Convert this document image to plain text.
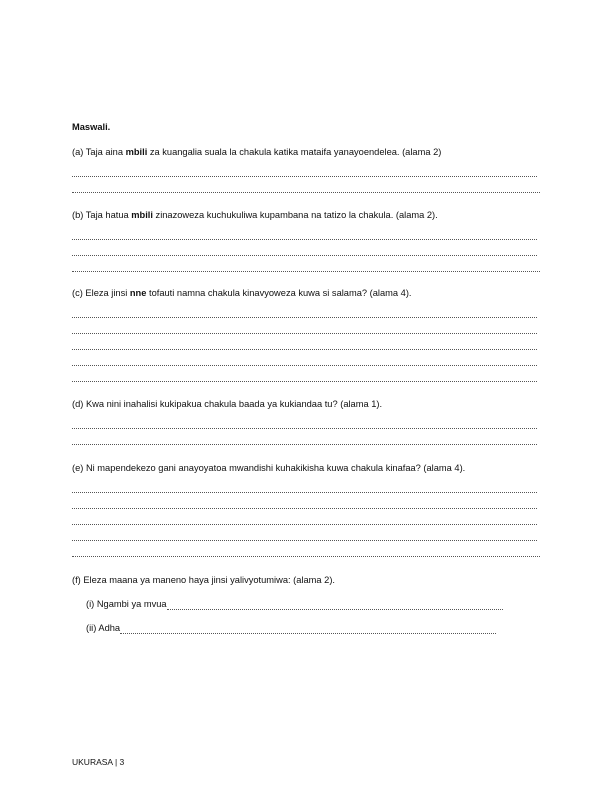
Maswali.
(a) Taja aina mbili za kuangalia suala la chakula katika mataifa yanayoendelea. (alama 2)
(b) Taja hatua mbili zinazoweza kuchukuliwa kupambana na tatizo la chakula. (alama 2).
(c) Eleza jinsi nne tofauti namna chakula kinavyoweza kuwa si salama? (alama 4).
(d) Kwa nini inahalisi kukipakua chakula baada ya kukiandaa tu? (alama 1).
(e) Ni mapendekezo gani anayoyatoa mwandishi kuhakikisha kuwa chakula kinafaa? (alama 4).
(f) Eleza maana ya maneno haya jinsi yalivyotumiwa: (alama 2).
(i) Ngambi ya mvua
(ii) Adha
UKURASA | 3
